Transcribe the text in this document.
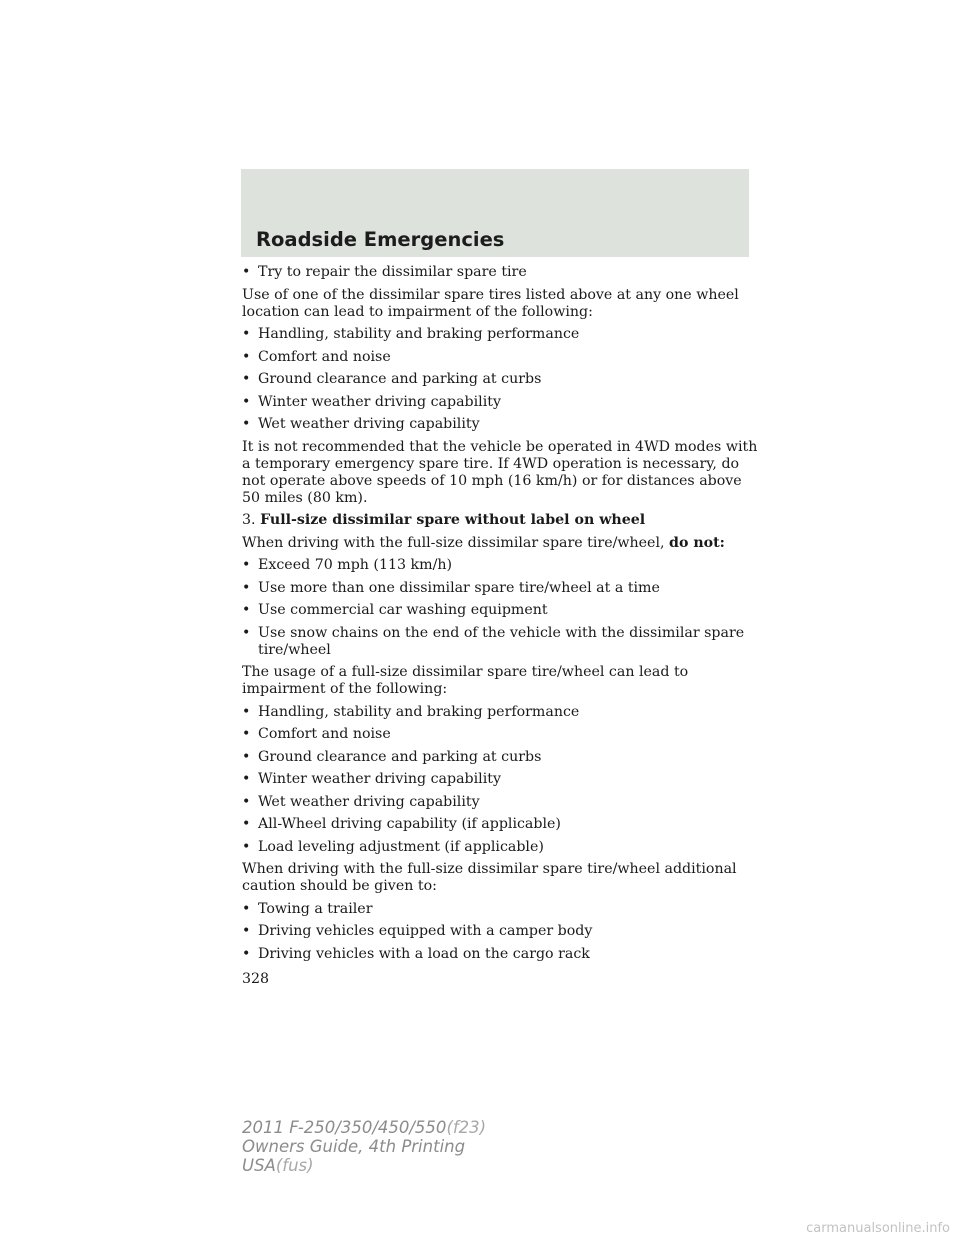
Roadside Emergencies
• Try to repair the dissimilar spare tire

Use of one of the dissimilar spare tires listed above at any one wheel location can lead to impairment of the following:

• Handling, stability and braking performance
• Comfort and noise
• Ground clearance and parking at curbs
• Winter weather driving capability
• Wet weather driving capability

It is not recommended that the vehicle be operated in 4WD modes with a temporary emergency spare tire. If 4WD operation is necessary, do not operate above speeds of 10 mph (16 km/h) or for distances above 50 miles (80 km).

3. Full-size dissimilar spare without label on wheel

When driving with the full-size dissimilar spare tire/wheel, do not:

• Exceed 70 mph (113 km/h)
• Use more than one dissimilar spare tire/wheel at a time
• Use commercial car washing equipment
• Use snow chains on the end of the vehicle with the dissimilar spare tire/wheel

The usage of a full-size dissimilar spare tire/wheel can lead to impairment of the following:

• Handling, stability and braking performance
• Comfort and noise
• Ground clearance and parking at curbs
• Winter weather driving capability
• Wet weather driving capability
• All-Wheel driving capability (if applicable)
• Load leveling adjustment (if applicable)

When driving with the full-size dissimilar spare tire/wheel additional caution should be given to:

• Towing a trailer
• Driving vehicles equipped with a camper body
• Driving vehicles with a load on the cargo rack
328
2011 F-250/350/450/550(f23)
Owners Guide, 4th Printing
USA(fus)
carmanualsonline.info
